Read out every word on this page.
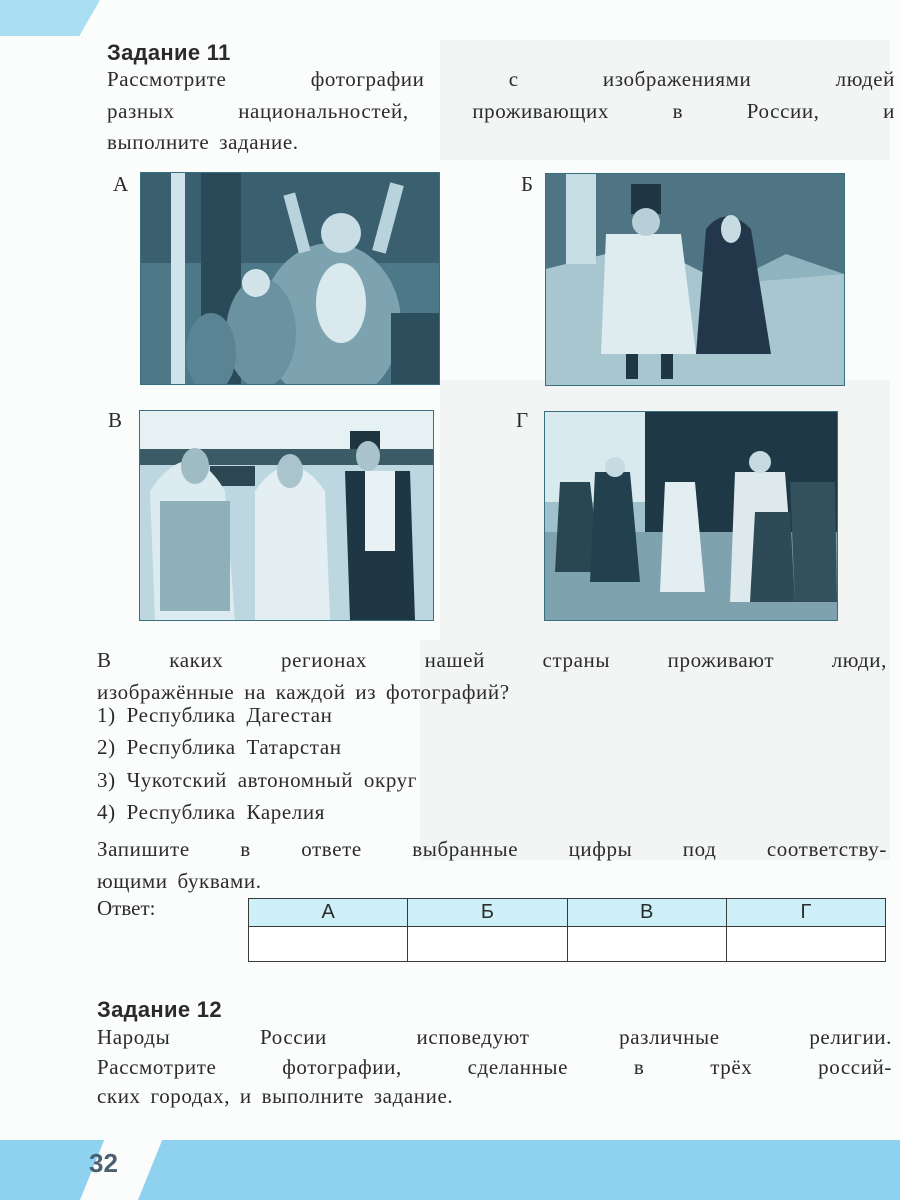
Задание 11
Рассмотрите фотографии с изображениями людей
разных национальностей, проживающих в России, и
выполните задание.
А	Б
В	Г
В каких регионах нашей страны проживают люди,
изображённые на каждой из фотографий?
1) Республика Дагестан
2) Республика Татарстан
3) Чукотский автономный округ
4) Республика Карелия
Запишите в ответе выбранные цифры под соответству-
ющими буквами.
Ответ:	А	Б	В	Г

Задание 12
Народы России исповедуют различные религии.
Рассмотрите фотографии, сделанные в трёх россий-
ских городах, и выполните задание.
32
